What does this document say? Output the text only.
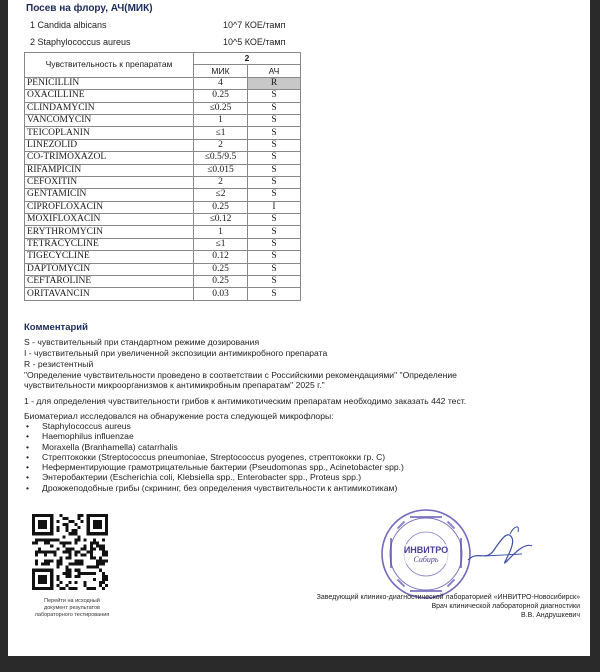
Посев на флору, АЧ(МИК)
1 Candida albicans	10^7 КОЕ/тамп
2 Staphylococcus aureus	10^5 КОЕ/тамп
Чувствительность к препаратам	2	
	МИК	АЧ
PENICILLIN	4	R
OXACILLINE	0.25	S
CLINDAMYCIN	≤0.25	S
VANCOMYCIN	1	S
TEICOPLANIN	≤1	S
LINEZOLID	2	S
CO-TRIMOXAZOL	≤0.5/9.5	S
RIFAMPICIN	≤0.015	S
CEFOXITIN	2	S
GENTAMICIN	≤2	S
CIPROFLOXACIN	0.25	I
MOXIFLOXACIN	≤0.12	S
ERYTHROMYCIN	1	S
TETRACYCLINE	≤1	S
TIGECYCLINE	0.12	S
DAPTOMYCIN	0.25	S
CEFTAROLINE	0.25	S
ORITAVANCIN	0.03	S
Комментарий
S - чувствительный при стандартном режиме дозирования
I - чувствительный при увеличенной экспозиции антимикробного препарата
R - резистентный
"Определение чувствительности проведено в соответствии с Российскими рекомендациями" "Определение
чувствительности микроорганизмов к антимикробным препаратам" 2025 г."
1 - для определения чувствительности грибов к антимикотическим препаратам необходимо заказать 442 тест.
Биоматериал исследовался на обнаружение роста следующей микрофлоры:
• Staphylococcus aureus
• Haemophilus influenzae
• Moraxella (Branhamella) catarrhalis
• Стрептококки (Streptococcus pneumoniae, Streptococcus pyogenes, стрептококки гр. С)
• Неферментирующие грамотрицательные бактерии (Pseudomonas spp., Acinetobacter spp.)
• Энтеробактерии (Escherichia coli, Klebsiella spp., Enterobacter spp., Proteus spp.)
• Дрожжеподобные грибы (скрининг, без определения чувствительности к антимикотикам)
Перейти на исходный
документ результатов
лабораторного тестирования
ИНВИТРО
Сибирь
Заведующий клинико-диагностической лабораторией «ИНВИТРО-Новосибирск»
Врач клинической лабораторной диагностики
В.В. Андрушкевич
